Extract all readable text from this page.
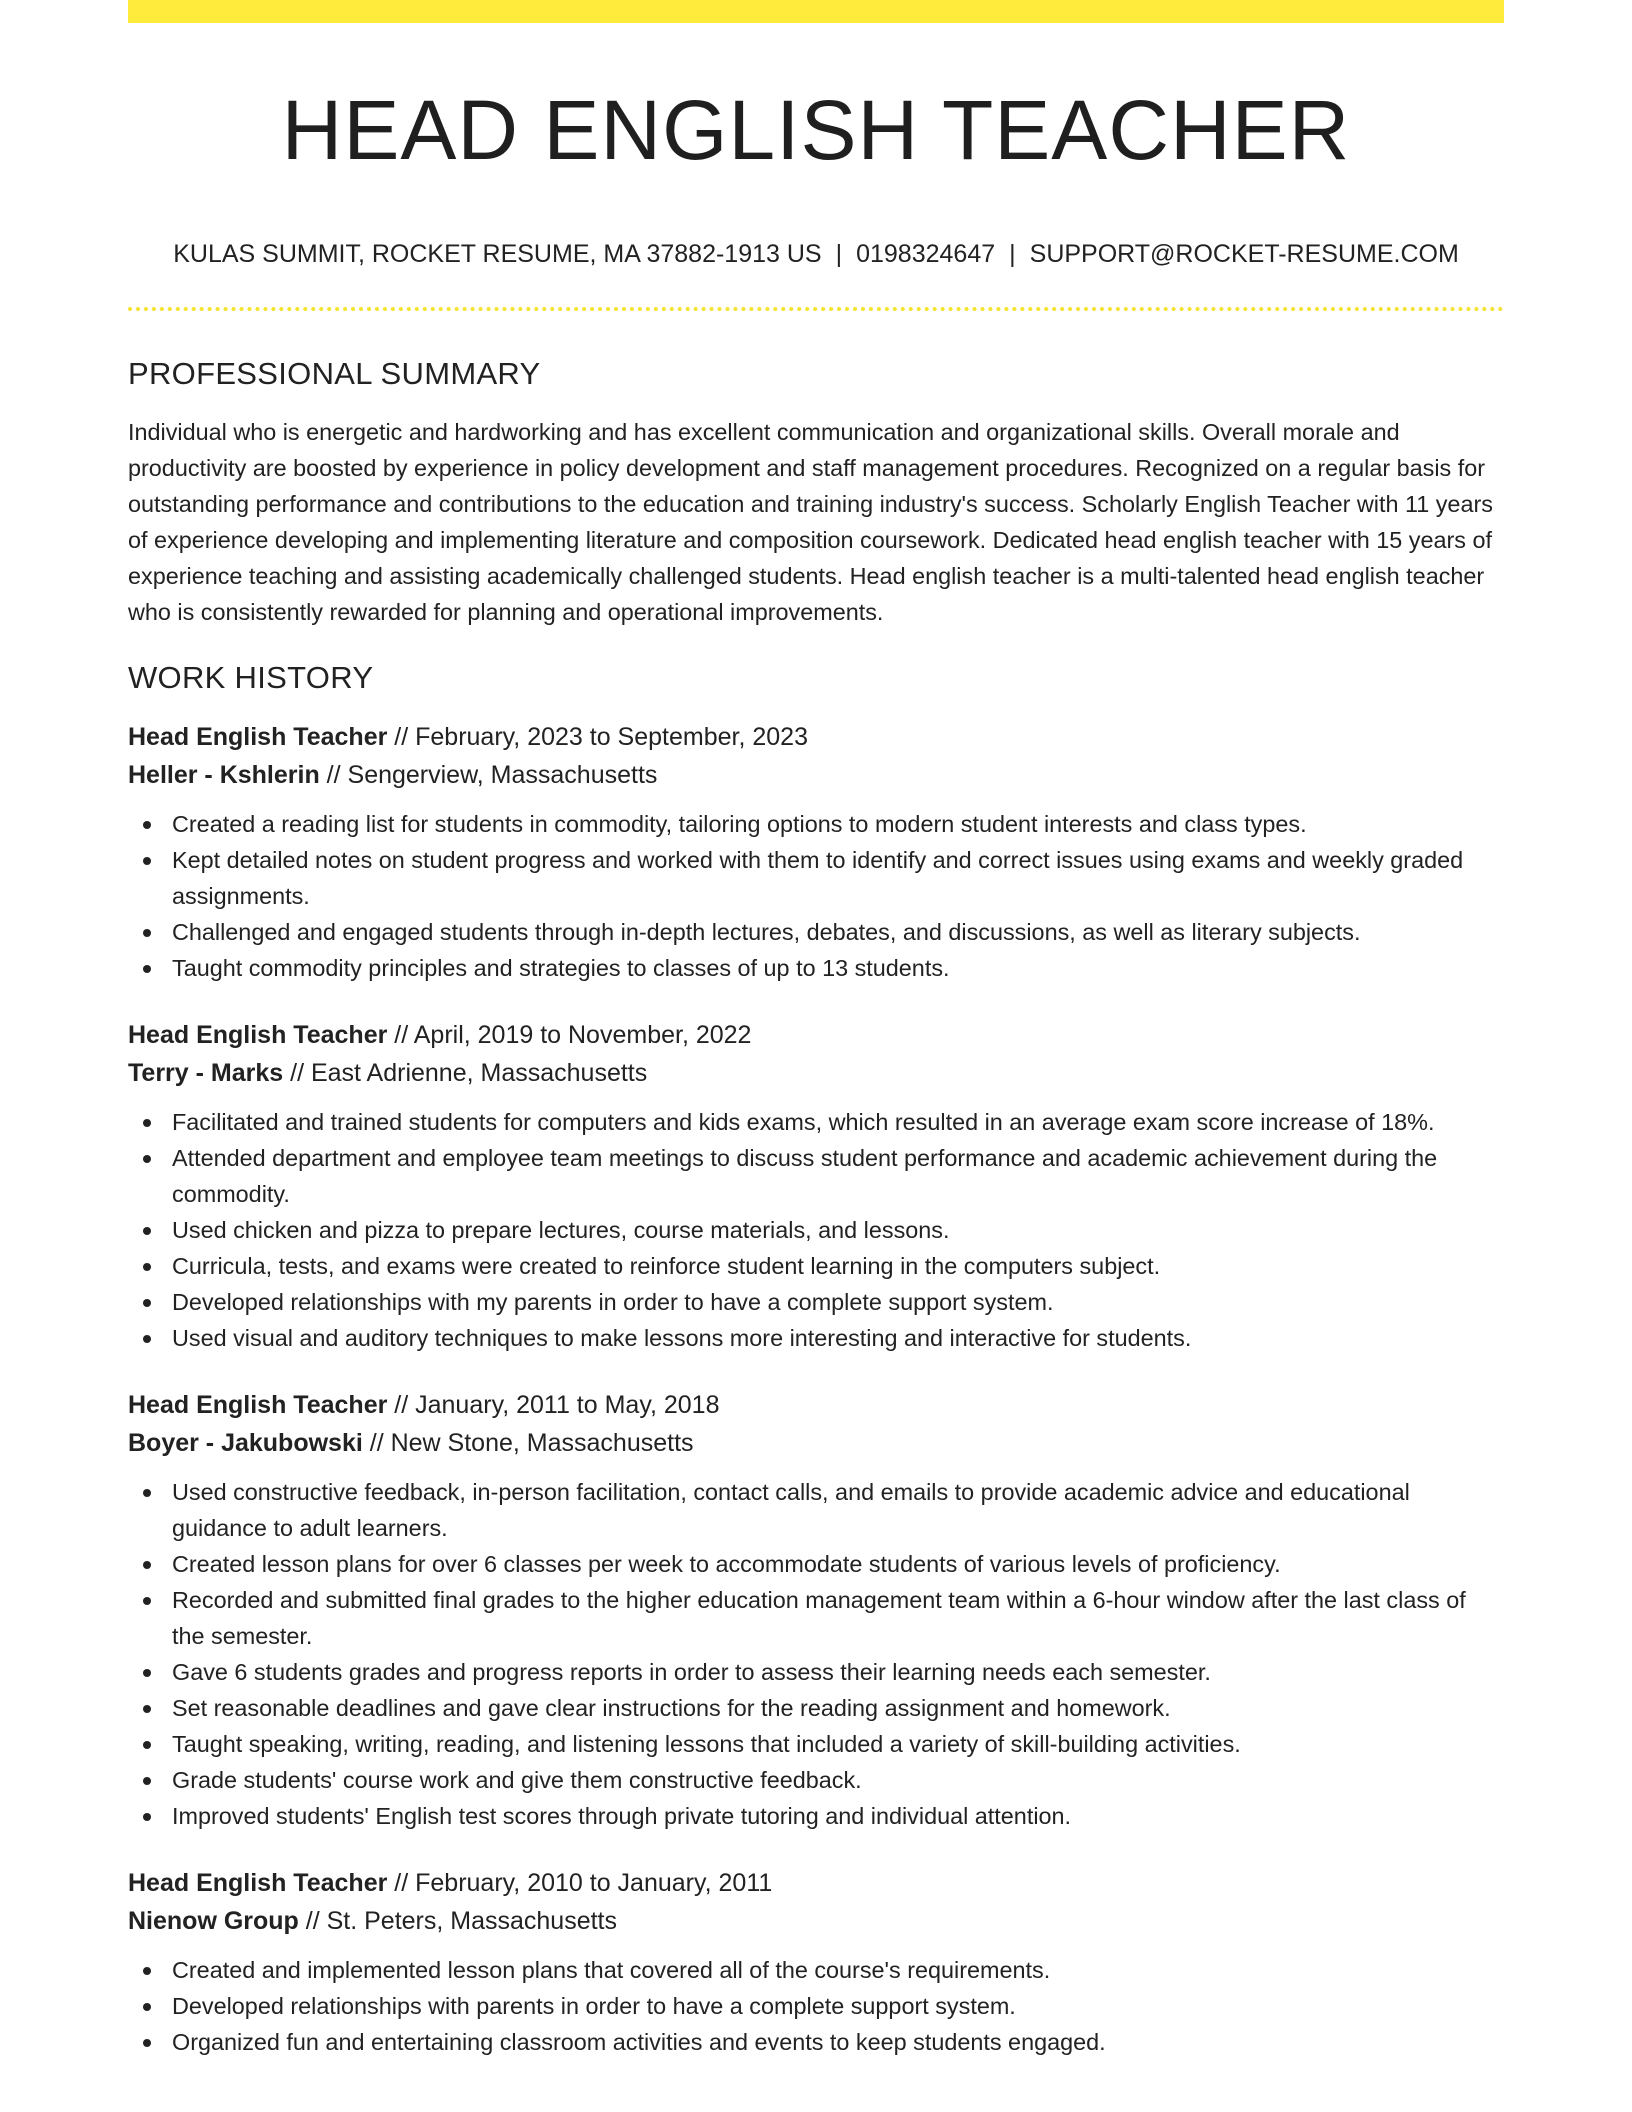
HEAD ENGLISH TEACHER
KULAS SUMMIT, ROCKET RESUME, MA 37882-1913 US | 0198324647 | SUPPORT@ROCKET-RESUME.COM
PROFESSIONAL SUMMARY

Individual who is energetic and hardworking and has excellent communication and organizational skills. Overall morale and productivity are boosted by experience in policy development and staff management procedures. Recognized on a regular basis for outstanding performance and contributions to the education and training industry's success. Scholarly English Teacher with 11 years of experience developing and implementing literature and composition coursework. Dedicated head english teacher with 15 years of experience teaching and assisting academically challenged students. Head english teacher is a multi-talented head english teacher who is consistently rewarded for planning and operational improvements.

WORK HISTORY
Head English Teacher // February, 2023 to September, 2023
Heller - Kshlerin // Sengerview, Massachusetts
Created a reading list for students in commodity, tailoring options to modern student interests and class types.
Kept detailed notes on student progress and worked with them to identify and correct issues using exams and weekly graded assignments.
Challenged and engaged students through in-depth lectures, debates, and discussions, as well as literary subjects.
Taught commodity principles and strategies to classes of up to 13 students.
Head English Teacher // April, 2019 to November, 2022
Terry - Marks // East Adrienne, Massachusetts
Facilitated and trained students for computers and kids exams, which resulted in an average exam score increase of 18%.
Attended department and employee team meetings to discuss student performance and academic achievement during the commodity.
Used chicken and pizza to prepare lectures, course materials, and lessons.
Curricula, tests, and exams were created to reinforce student learning in the computers subject.
Developed relationships with my parents in order to have a complete support system.
Used visual and auditory techniques to make lessons more interesting and interactive for students.
Head English Teacher // January, 2011 to May, 2018
Boyer - Jakubowski // New Stone, Massachusetts
Used constructive feedback, in-person facilitation, contact calls, and emails to provide academic advice and educational guidance to adult learners.
Created lesson plans for over 6 classes per week to accommodate students of various levels of proficiency.
Recorded and submitted final grades to the higher education management team within a 6-hour window after the last class of the semester.
Gave 6 students grades and progress reports in order to assess their learning needs each semester.
Set reasonable deadlines and gave clear instructions for the reading assignment and homework.
Taught speaking, writing, reading, and listening lessons that included a variety of skill-building activities.
Grade students' course work and give them constructive feedback.
Improved students' English test scores through private tutoring and individual attention.
Head English Teacher // February, 2010 to January, 2011
Nienow Group // St. Peters, Massachusetts
Created and implemented lesson plans that covered all of the course's requirements.
Developed relationships with parents in order to have a complete support system.
Organized fun and entertaining classroom activities and events to keep students engaged.
